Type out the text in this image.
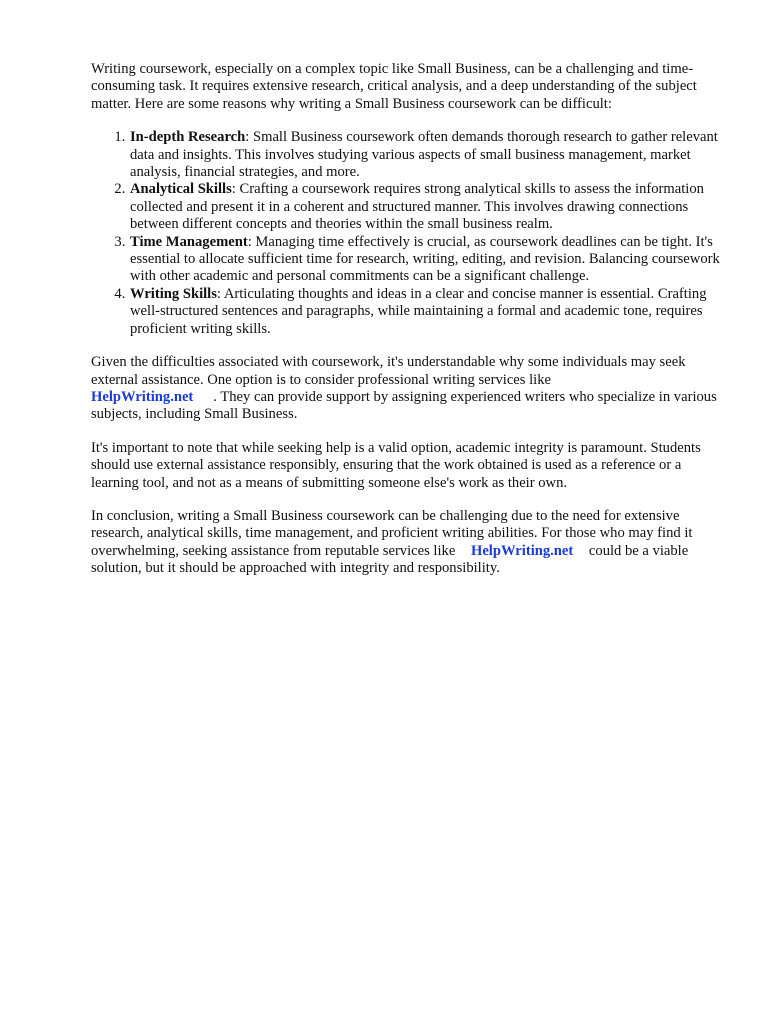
Writing coursework, especially on a complex topic like Small Business, can be a challenging and time-consuming task. It requires extensive research, critical analysis, and a deep understanding of the subject matter. Here are some reasons why writing a Small Business coursework can be difficult:

1. In-depth Research: Small Business coursework often demands thorough research to gather relevant data and insights. This involves studying various aspects of small business management, market analysis, financial strategies, and more.
2. Analytical Skills: Crafting a coursework requires strong analytical skills to assess the information collected and present it in a coherent and structured manner. This involves drawing connections between different concepts and theories within the small business realm.
3. Time Management: Managing time effectively is crucial, as coursework deadlines can be tight. It's essential to allocate sufficient time for research, writing, editing, and revision. Balancing coursework with other academic and personal commitments can be a significant challenge.
4. Writing Skills: Articulating thoughts and ideas in a clear and concise manner is essential. Crafting well-structured sentences and paragraphs, while maintaining a formal and academic tone, requires proficient writing skills.

Given the difficulties associated with coursework, it's understandable why some individuals may seek external assistance. One option is to consider professional writing services like
HelpWriting.net . They can provide support by assigning experienced writers who specialize in various subjects, including Small Business.

It's important to note that while seeking help is a valid option, academic integrity is paramount. Students should use external assistance responsibly, ensuring that the work obtained is used as a reference or a learning tool, and not as a means of submitting someone else's work as their own.

In conclusion, writing a Small Business coursework can be challenging due to the need for extensive research, analytical skills, time management, and proficient writing abilities. For those who may find it overwhelming, seeking assistance from reputable services like HelpWriting.net could be a viable solution, but it should be approached with integrity and responsibility.
